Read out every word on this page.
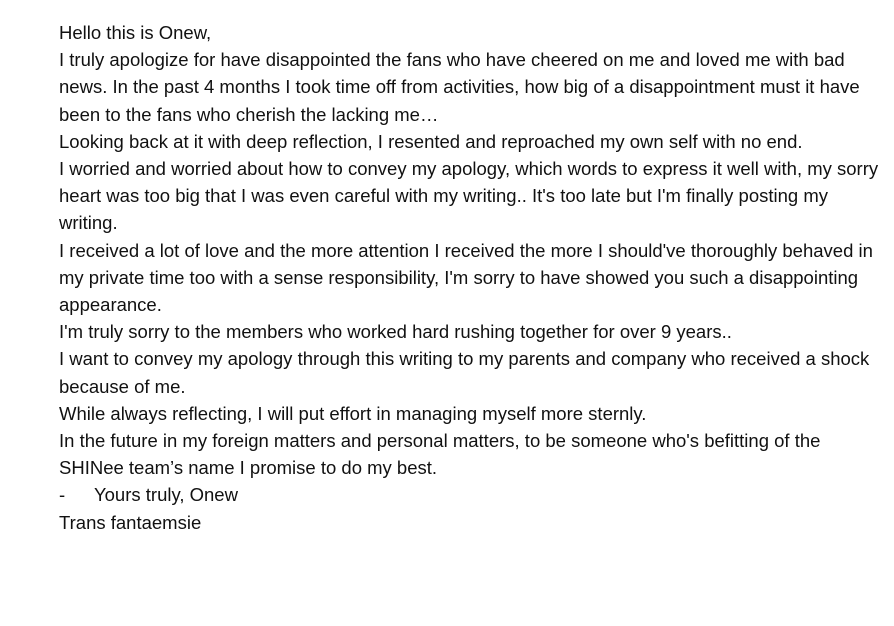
Hello this is Onew,

I truly apologize for have disappointed the fans who have cheered on me and loved me with bad news. In the past 4 months I took time off from activities, how big of a disappointment must it have been to the fans who cherish the lacking me…

Looking back at it with deep reflection, I resented and reproached my own self with no end.

I worried and worried about how to convey my apology, which words to express it well with, my sorry heart was too big that I was even careful with my writing.. It's too late but I'm finally posting my writing.

I received a lot of love and the more attention I received the more I should've thoroughly behaved in my private time too with a sense responsibility, I'm sorry to have showed you such a disappointing appearance.

I'm truly sorry to the members who worked hard rushing together for over 9 years..

I want to convey my apology through this writing to my parents and company who received a shock because of me.

While always reflecting, I will put effort in managing myself more sternly.

In the future in my foreign matters and personal matters, to be someone who's befitting of the SHINee team’s name I promise to do my best.

-	Yours truly, Onew

Trans fantaemsie
